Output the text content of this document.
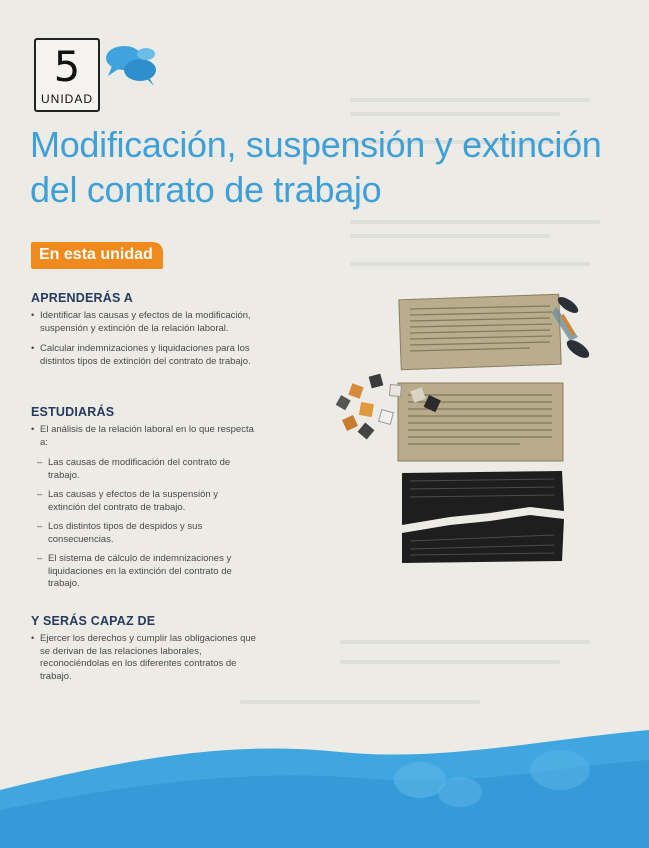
5
UNIDAD
Modificación, suspensión y extinción del contrato de trabajo
En esta unidad
APRENDERÁS A
• Identificar las causas y efectos de la modificación, suspensión y extinción de la relación laboral.
• Calcular indemnizaciones y liquidaciones para los distintos tipos de extinción del contrato de trabajo.
ESTUDIARÁS
• El análisis de la relación laboral en lo que respecta a:
– Las causas de modificación del contrato de trabajo.
– Las causas y efectos de la suspensión y extinción del contrato de trabajo.
– Los distintos tipos de despidos y sus consecuencias.
– El sistema de cálculo de indemnizaciones y liquidaciones en la extinción del contrato de trabajo.
Y SERÁS CAPAZ DE
• Ejercer los derechos y cumplir las obligaciones que se derivan de las relaciones laborales, reconociéndolas en los diferentes contratos de trabajo.
